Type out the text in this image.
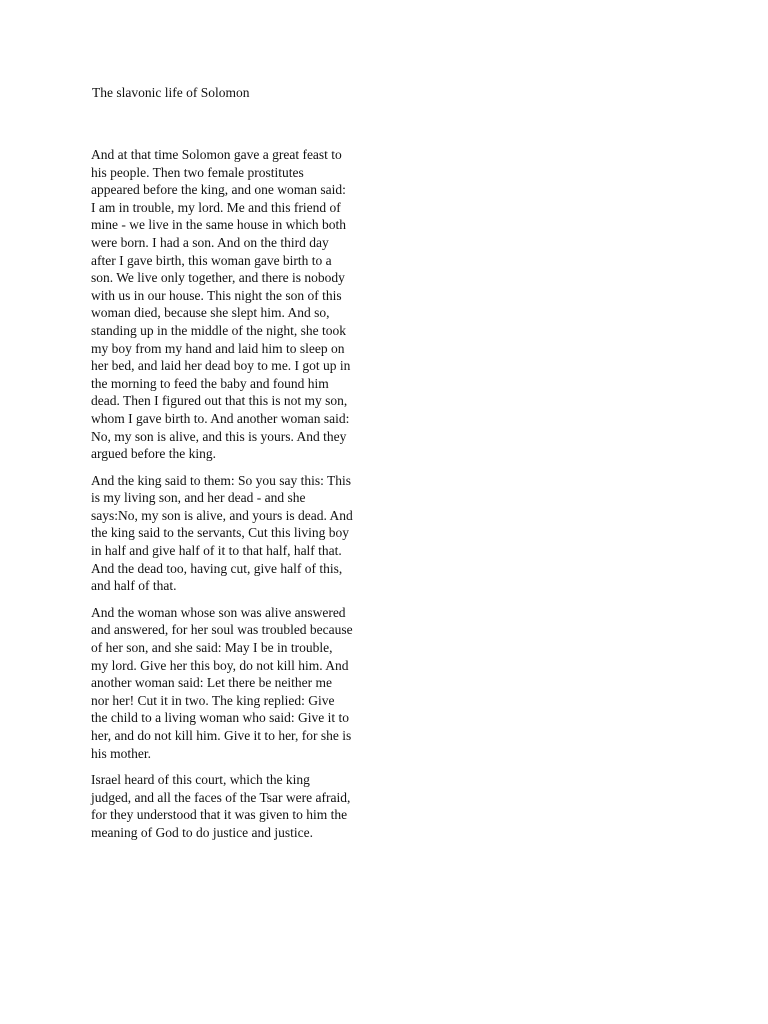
The slavonic life of Solomon

And at that time Solomon gave a great feast to his people. Then two female prostitutes appeared before the king, and one woman said: I am in trouble, my lord. Me and this friend of mine - we live in the same house in which both were born. I had a son. And on the third day after I gave birth, this woman gave birth to a son. We live only together, and there is nobody with us in our house. This night the son of this woman died, because she slept him. And so, standing up in the middle of the night, she took my boy from my hand and laid him to sleep on her bed, and laid her dead boy to me. I got up in the morning to feed the baby and found him dead. Then I figured out that this is not my son, whom I gave birth to. And another woman said: No, my son is alive, and this is yours. And they argued before the king.

And the king said to them: So you say this: This is my living son, and her dead - and she says:No, my son is alive, and yours is dead. And the king said to the servants, Cut this living boy in half and give half of it to that half, half that. And the dead too, having cut, give half of this, and half of that.

And the woman whose son was alive answered and answered, for her soul was troubled because of her son, and she said: May I be in trouble, my lord. Give her this boy, do not kill him. And another woman said: Let there be neither me nor her! Cut it in two. The king replied: Give the child to a living woman who said: Give it to her, and do not kill him. Give it to her, for she is his mother.

Israel heard of this court, which the king judged, and all the faces of the Tsar were afraid, for they understood that it was given to him the meaning of God to do justice and justice.
